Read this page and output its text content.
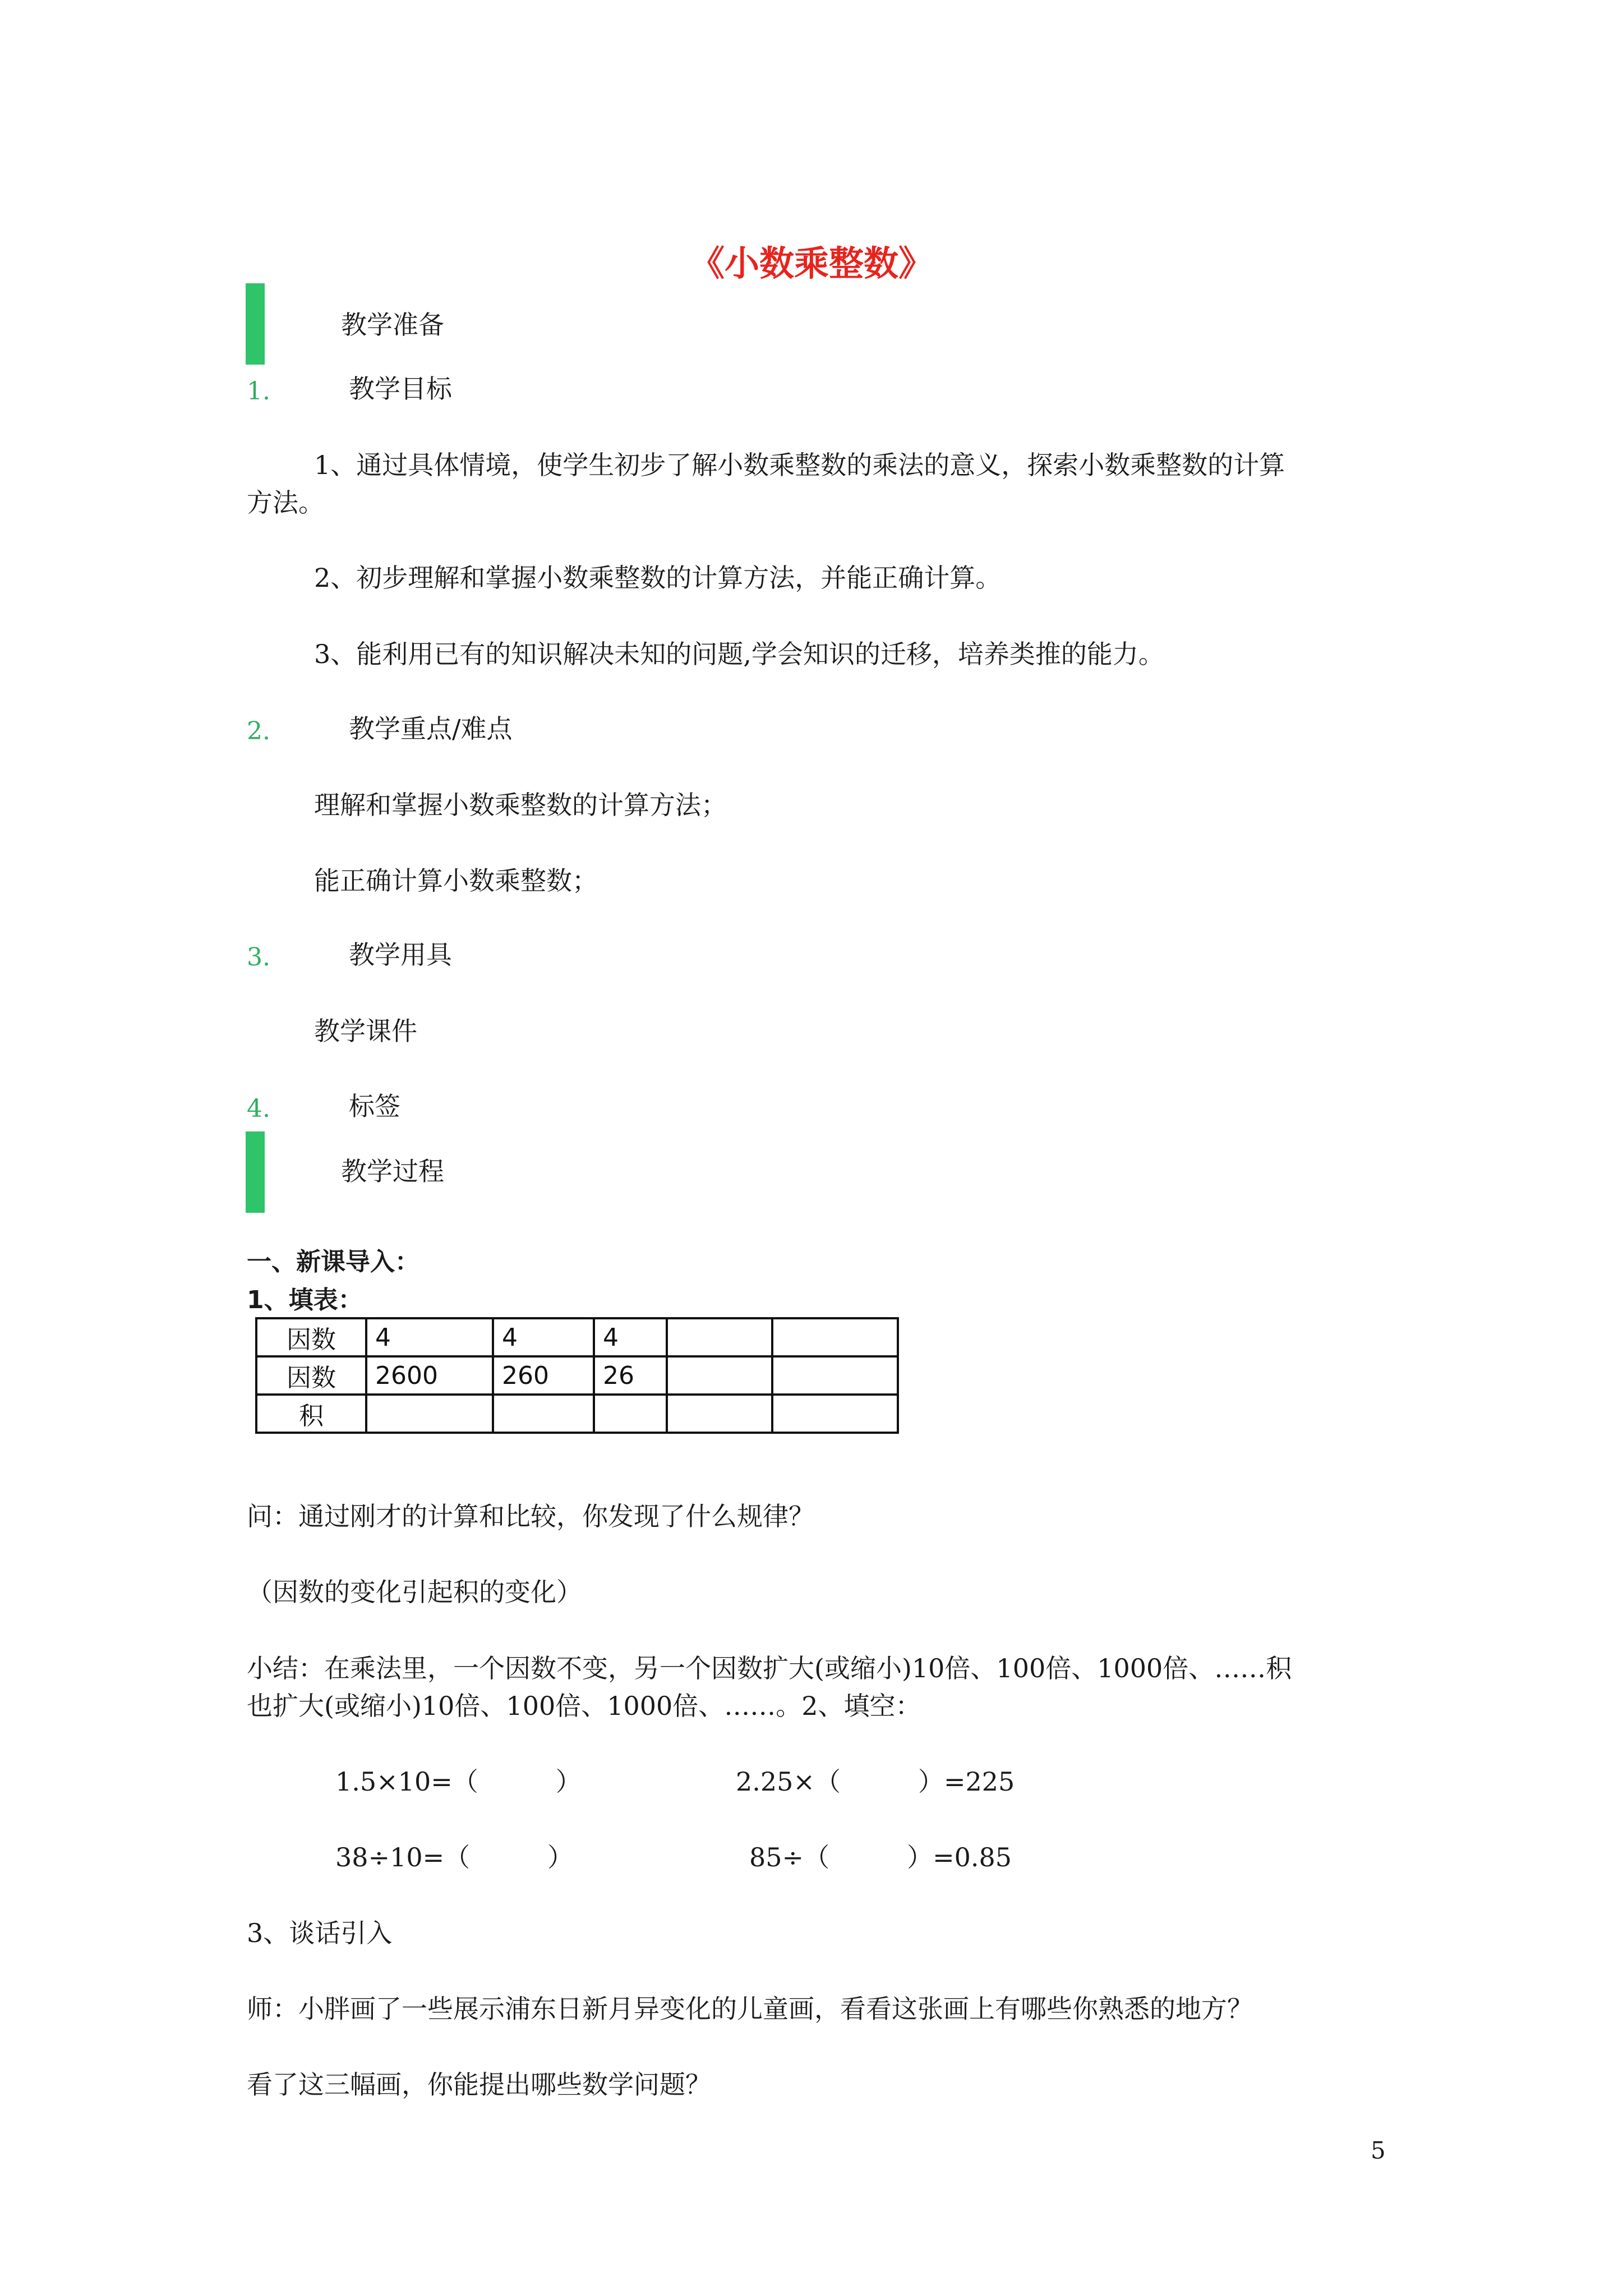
《小数乘整数》
教学准备
1.	教学目标
1、通过具体情境，使学生初步了解小数乘整数的乘法的意义，探索小数乘整数的计算
方法。
2、初步理解和掌握小数乘整数的计算方法，并能正确计算。
3、能利用已有的知识解决未知的问题,学会知识的迁移，培养类推的能力。
2.	教学重点/难点
理解和掌握小数乘整数的计算方法；
能正确计算小数乘整数；
3.	教学用具
教学课件
4.	标签
教学过程
一、新课导入：
1、填表：
因数	4	4	4		
因数	2600	260	26		
积					
问：通过刚才的计算和比较，你发现了什么规律？
（因数的变化引起积的变化）
小结：在乘法里，一个因数不变，另一个因数扩大(或缩小)10倍、100倍、1000倍、……积
也扩大(或缩小)10倍、100倍、1000倍、……。2、填空：
1.5×10=（　　　）	2.25×（　　　）=225
38÷10=（　　　）	85÷（　　　）=0.85
3、谈话引入
师：小胖画了一些展示浦东日新月异变化的儿童画，看看这张画上有哪些你熟悉的地方？
看了这三幅画，你能提出哪些数学问题？
5
